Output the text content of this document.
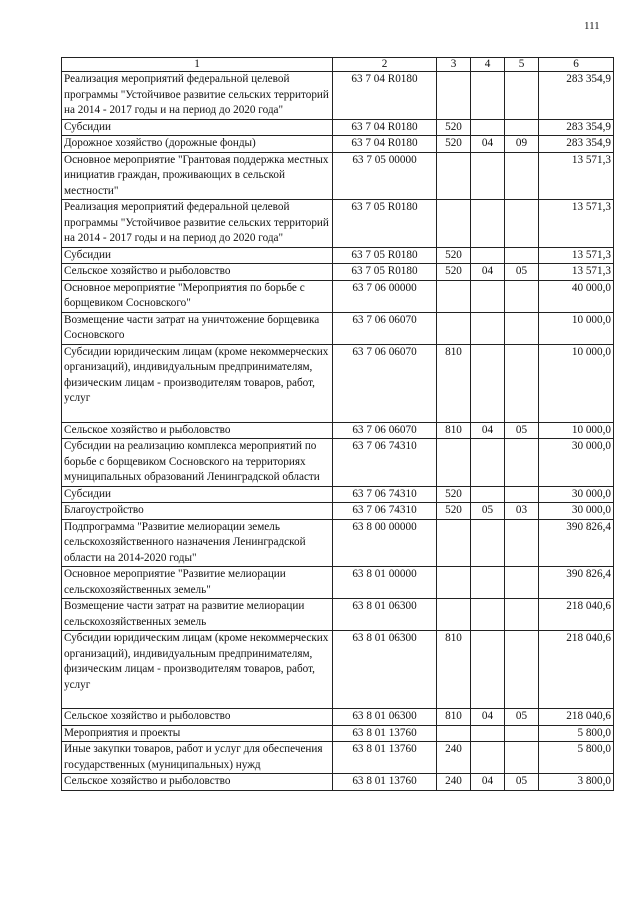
111
1	2	3	4	5	6
Реализация мероприятий федеральной целевой программы "Устойчивое развитие сельских территорий на 2014 - 2017 годы и на период до 2020 года"	63 7 04 R0180				283 354,9
Субсидии	63 7 04 R0180	520			283 354,9
Дорожное хозяйство (дорожные фонды)	63 7 04 R0180	520	04	09	283 354,9
Основное мероприятие "Грантовая поддержка местных инициатив граждан, проживающих в сельской местности"	63 7 05 00000				13 571,3
Реализация мероприятий федеральной целевой программы "Устойчивое развитие сельских территорий на 2014 - 2017 годы и на период до 2020 года"	63 7 05 R0180				13 571,3
Субсидии	63 7 05 R0180	520			13 571,3
Сельское хозяйство и рыболовство	63 7 05 R0180	520	04	05	13 571,3
Основное мероприятие "Мероприятия по борьбе с борщевиком Сосновского"	63 7 06 00000				40 000,0
Возмещение части затрат на уничтожение борщевика Сосновского	63 7 06 06070				10 000,0
Субсидии юридическим лицам (кроме некоммерческих организаций), индивидуальным предпринимателям, физическим лицам - производителям товаров, работ, услуг	63 7 06 06070	810			10 000,0
Сельское хозяйство и рыболовство	63 7 06 06070	810	04	05	10 000,0
Субсидии на реализацию комплекса мероприятий по борьбе с борщевиком Сосновского на территориях муниципальных образований Ленинградской области	63 7 06 74310				30 000,0
Субсидии	63 7 06 74310	520			30 000,0
Благоустройство	63 7 06 74310	520	05	03	30 000,0
Подпрограмма "Развитие мелиорации земель сельскохозяйственного назначения Ленинградской области на 2014-2020 годы"	63 8 00 00000				390 826,4
Основное мероприятие "Развитие мелиорации сельскохозяйственных земель"	63 8 01 00000				390 826,4
Возмещение части затрат на развитие мелиорации сельскохозяйственных земель	63 8 01 06300				218 040,6
Субсидии юридическим лицам (кроме некоммерческих организаций), индивидуальным предпринимателям, физическим лицам - производителям товаров, работ, услуг	63 8 01 06300	810			218 040,6
Сельское хозяйство и рыболовство	63 8 01 06300	810	04	05	218 040,6
Мероприятия и проекты	63 8 01 13760				5 800,0
Иные закупки товаров, работ и услуг для обеспечения государственных (муниципальных) нужд	63 8 01 13760	240			5 800,0
Сельское хозяйство и рыболовство	63 8 01 13760	240	04	05	3 800,0
